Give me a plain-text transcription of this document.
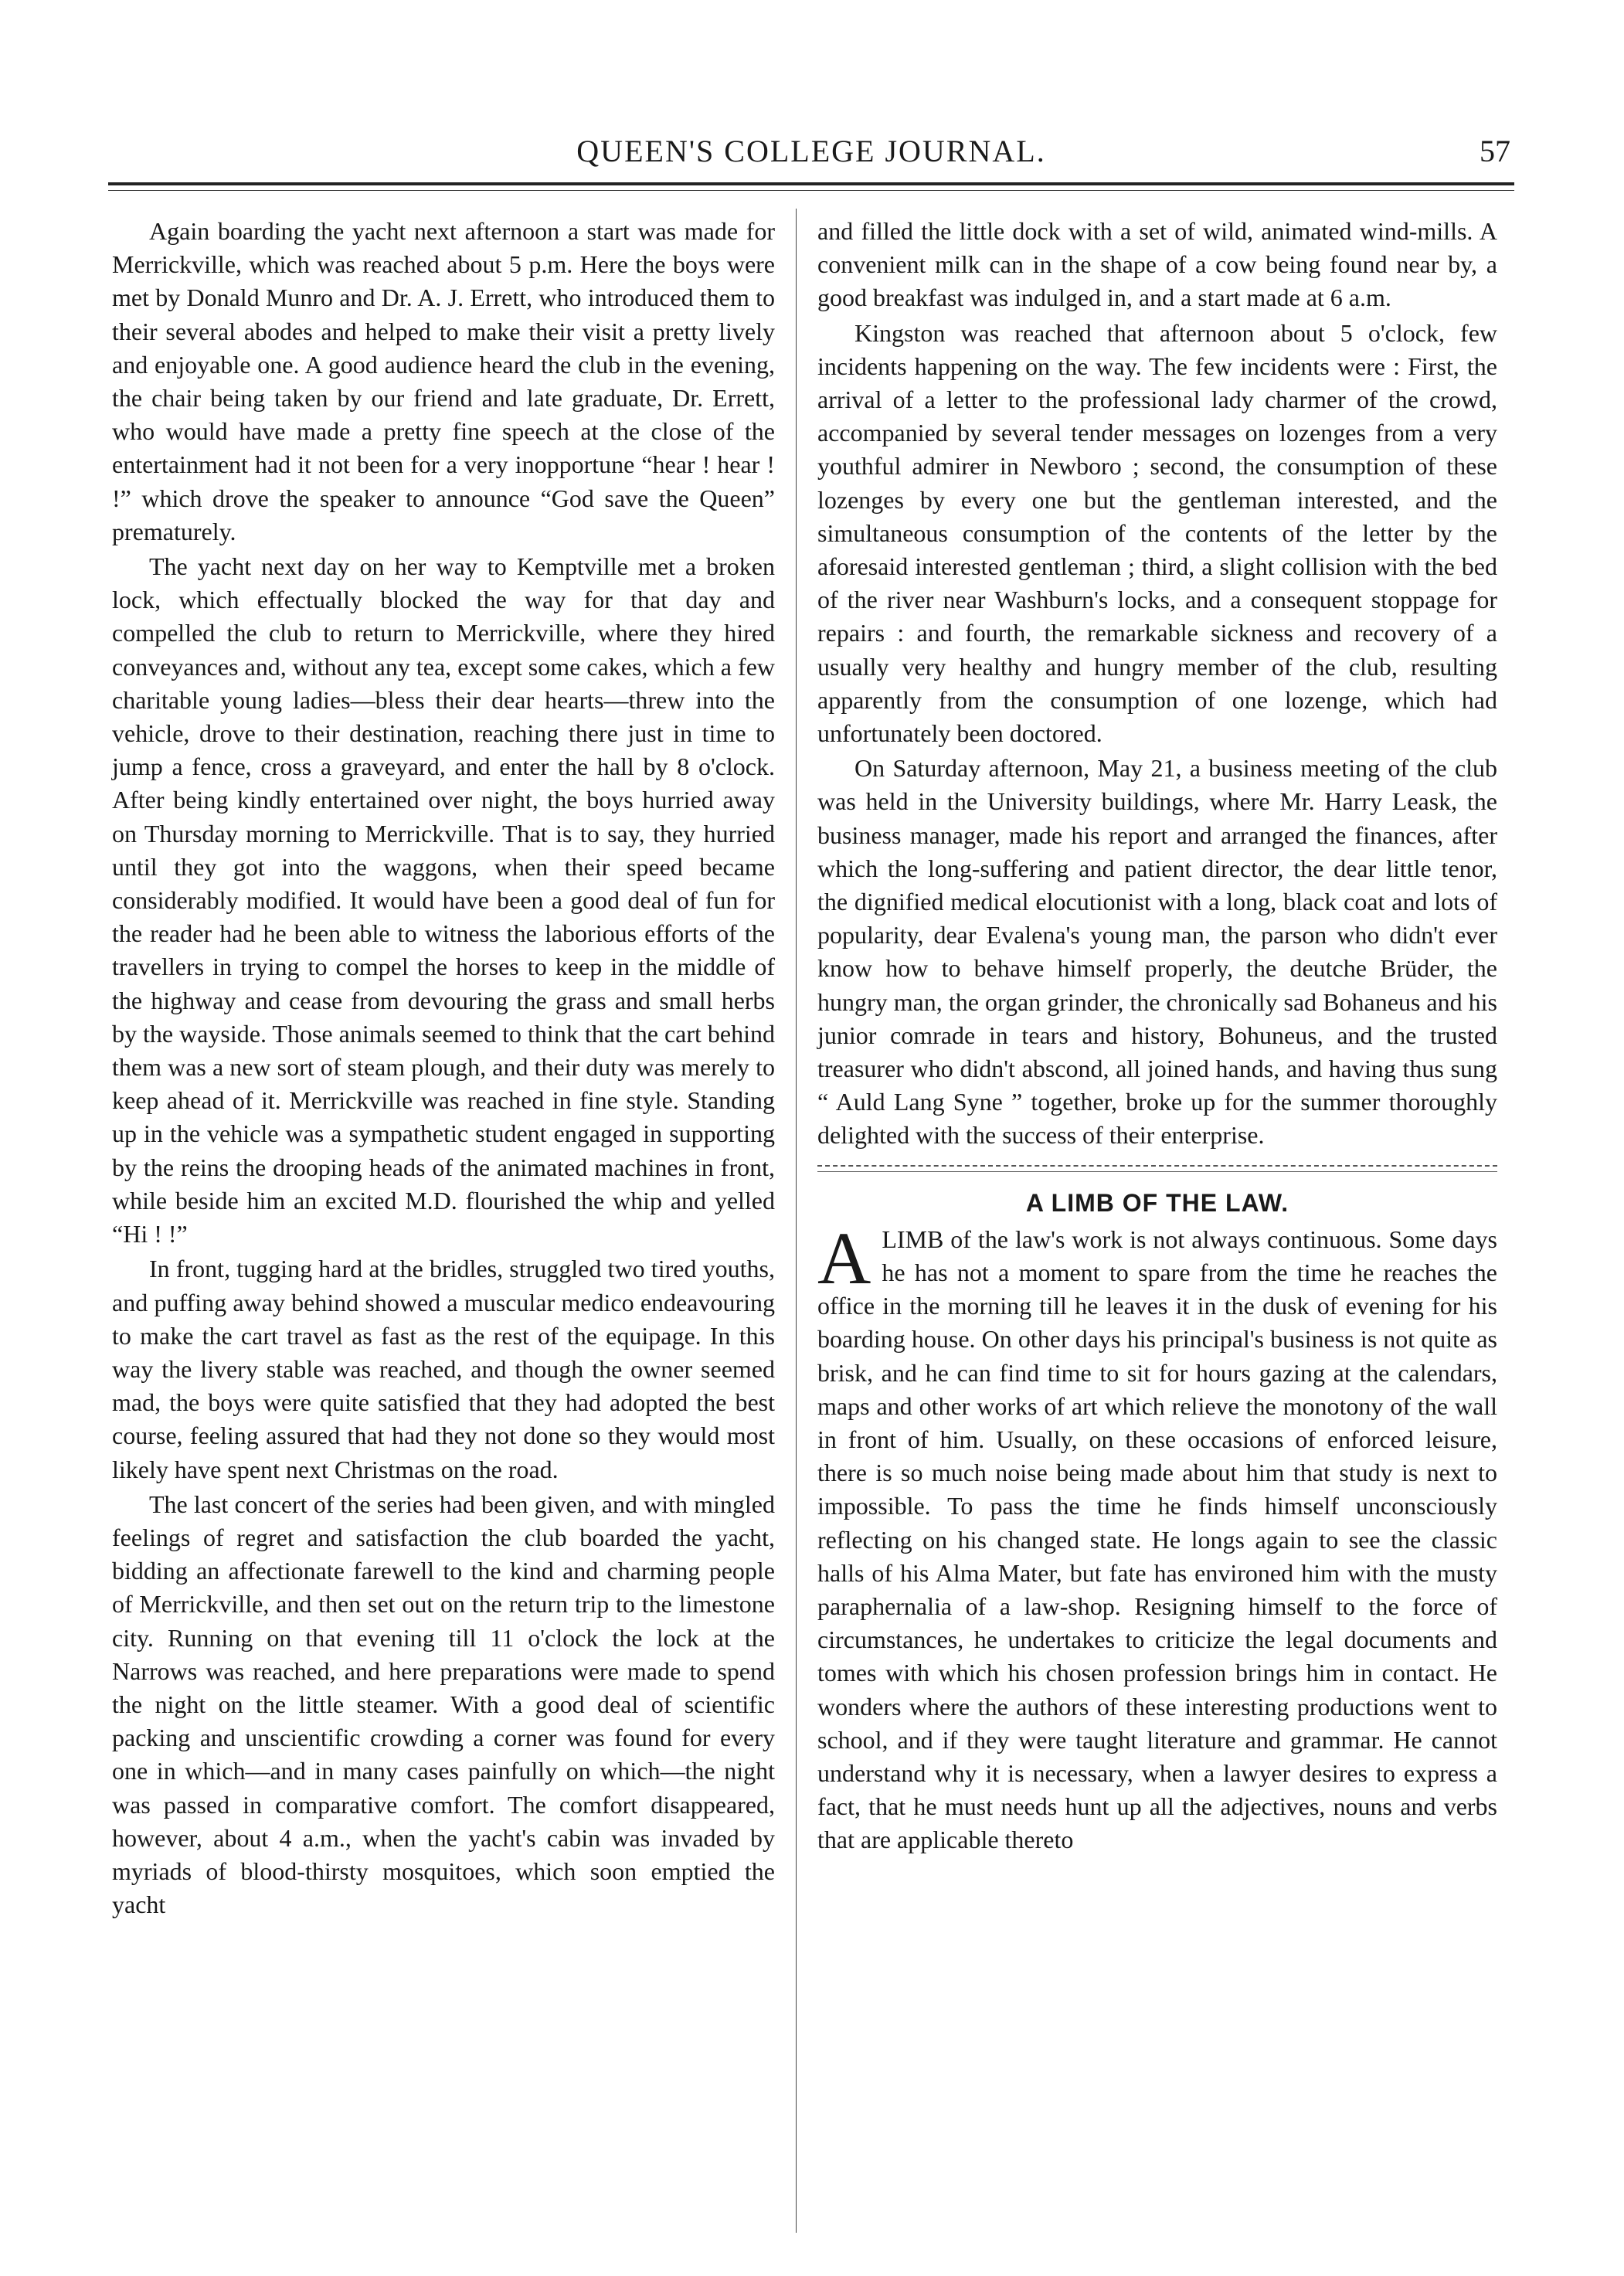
QUEEN'S COLLEGE JOURNAL.	57

Again boarding the yacht next afternoon a start was made for Merrickville, which was reached about 5 p.m. Here the boys were met by Donald Munro and Dr. A. J. Errett, who introduced them to their several abodes and helped to make their visit a pretty lively and enjoyable one. A good audience heard the club in the evening, the chair being taken by our friend and late graduate, Dr. Errett, who would have made a pretty fine speech at the close of the entertainment had it not been for a very inopportune “hear ! hear ! !” which drove the speaker to announce “God save the Queen” prematurely.

The yacht next day on her way to Kemptville met a broken lock, which effectually blocked the way for that day and compelled the club to return to Merrickville, where they hired conveyances and, without any tea, except some cakes, which a few charitable young ladies—bless their dear hearts—threw into the vehicle, drove to their destination, reaching there just in time to jump a fence, cross a graveyard, and enter the hall by 8 o'clock. After being kindly entertained over night, the boys hurried away on Thursday morning to Merrickville. That is to say, they hurried until they got into the waggons, when their speed became considerably modified. It would have been a good deal of fun for the reader had he been able to witness the laborious efforts of the travellers in trying to compel the horses to keep in the middle of the highway and cease from devouring the grass and small herbs by the wayside. Those animals seemed to think that the cart behind them was a new sort of steam plough, and their duty was merely to keep ahead of it. Merrickville was reached in fine style. Standing up in the vehicle was a sympathetic student engaged in supporting by the reins the drooping heads of the animated machines in front, while beside him an excited M.D. flourished the whip and yelled “Hi ! !”

In front, tugging hard at the bridles, struggled two tired youths, and puffing away behind showed a muscular medico endeavouring to make the cart travel as fast as the rest of the equipage. In this way the livery stable was reached, and though the owner seemed mad, the boys were quite satisfied that they had adopted the best course, feeling assured that had they not done so they would most likely have spent next Christmas on the road.

The last concert of the series had been given, and with mingled feelings of regret and satisfaction the club boarded the yacht, bidding an affectionate farewell to the kind and charming people of Merrickville, and then set out on the return trip to the limestone city. Running on that evening till 11 o'clock the lock at the Narrows was reached, and here preparations were made to spend the night on the little steamer. With a good deal of scientific packing and unscientific crowding a corner was found for every one in which—and in many cases painfully on which—the night was passed in comparative comfort. The comfort disappeared, however, about 4 a.m., when the yacht's cabin was invaded by myriads of blood-thirsty mosquitoes, which soon emptied the yacht

and filled the little dock with a set of wild, animated wind-mills. A convenient milk can in the shape of a cow being found near by, a good breakfast was indulged in, and a start made at 6 a.m.

Kingston was reached that afternoon about 5 o'clock, few incidents happening on the way. The few incidents were : First, the arrival of a letter to the professional lady charmer of the crowd, accompanied by several tender messages on lozenges from a very youthful admirer in Newboro ; second, the consumption of these lozenges by every one but the gentleman interested, and the simultaneous consumption of the contents of the letter by the aforesaid interested gentleman ; third, a slight collision with the bed of the river near Washburn's locks, and a consequent stoppage for repairs : and fourth, the remarkable sickness and recovery of a usually very healthy and hungry member of the club, resulting apparently from the consumption of one lozenge, which had unfortunately been doctored.

On Saturday afternoon, May 21, a business meeting of the club was held in the University buildings, where Mr. Harry Leask, the business manager, made his report and arranged the finances, after which the long-suffering and patient director, the dear little tenor, the dignified medical elocutionist with a long, black coat and lots of popularity, dear Evalena's young man, the parson who didn't ever know how to behave himself properly, the deutche Brüder, the hungry man, the organ grinder, the chronically sad Bohaneus and his junior comrade in tears and history, Bohuneus, and the trusted treasurer who didn't abscond, all joined hands, and having thus sung “ Auld Lang Syne ” together, broke up for the summer thoroughly delighted with the success of their enterprise.

A LIMB OF THE LAW.

ALIMB of the law's work is not always continuous. Some days he has not a moment to spare from the time he reaches the office in the morning till he leaves it in the dusk of evening for his boarding house. On other days his principal's business is not quite as brisk, and he can find time to sit for hours gazing at the calendars, maps and other works of art which relieve the monotony of the wall in front of him. Usually, on these occasions of enforced leisure, there is so much noise being made about him that study is next to impossible. To pass the time he finds himself unconsciously reflecting on his changed state. He longs again to see the classic halls of his Alma Mater, but fate has environed him with the musty paraphernalia of a law-shop. Resigning himself to the force of circumstances, he undertakes to criticize the legal documents and tomes with which his chosen profession brings him in contact. He wonders where the authors of these interesting productions went to school, and if they were taught literature and grammar. He cannot understand why it is necessary, when a lawyer desires to express a fact, that he must needs hunt up all the adjectives, nouns and verbs that are applicable thereto
